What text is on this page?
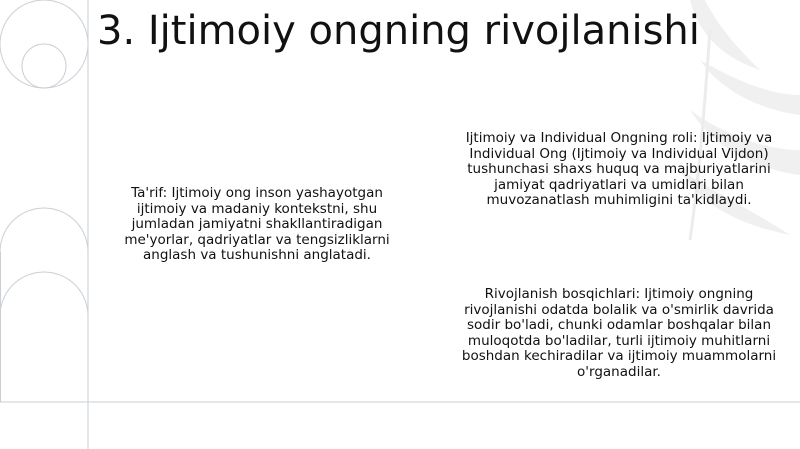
3. Ijtimoiy ongning rivojlanishi
Ta'rif: Ijtimoiy ong inson yashayotgan ijtimoiy va madaniy kontekstni, shu jumladan jamiyatni shakllantiradigan me'yorlar, qadriyatlar va tengsizliklarni anglash va tushunishni anglatadi.
Ijtimoiy va Individual Ongning roli: Ijtimoiy va Individual Ong (Ijtimoiy va Individual Vijdon) tushunchasi shaxs huquq va majburiyatlarini jamiyat qadriyatlari va umidlari bilan muvozanatlash muhimligini ta'kidlaydi.
Rivojlanish bosqichlari: Ijtimoiy ongning rivojlanishi odatda bolalik va o'smirlik davrida sodir bo'ladi, chunki odamlar boshqalar bilan muloqotda bo'ladilar, turli ijtimoiy muhitlarni boshdan kechiradilar va ijtimoiy muammolarni o'rganadilar.
